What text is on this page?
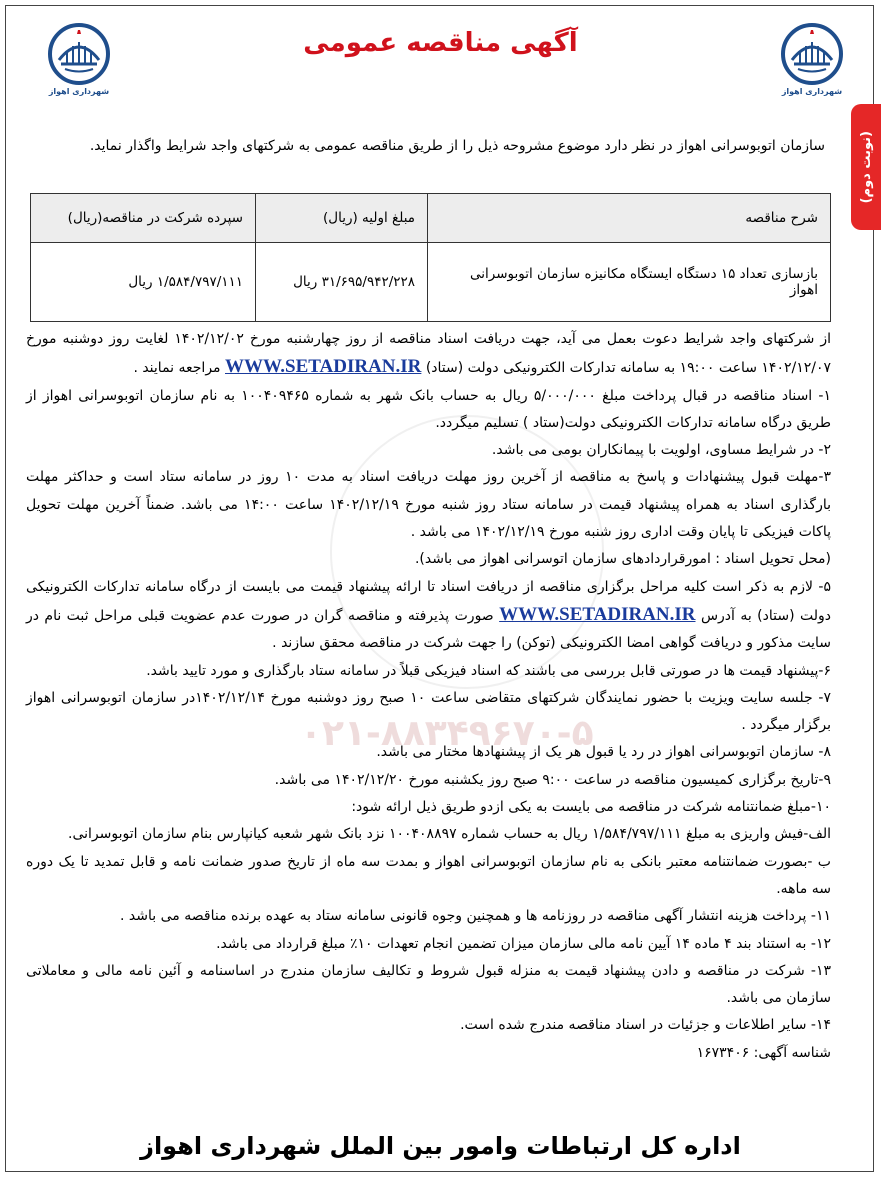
شهرداری اهواز
شهرداری اهواز
آگهی مناقصه عمومی
(نوبت دوم)
سازمان اتوبوسرانی اهواز در نظر دارد موضوع مشروحه ذیل را از طریق مناقصه عمومی به شرکتهای واجد شرایط واگذار نماید.
شرح مناقصه	مبلغ اولیه (ریال)	سپرده شرکت در مناقصه(ریال)
بازسازی تعداد ۱۵ دستگاه ایستگاه مکانیزه سازمان اتوبوسرانی اهواز	۳۱/۶۹۵/۹۴۲/۲۲۸ ریال	۱/۵۸۴/۷۹۷/۱۱۱ ریال
۰۲۱-۸۸۳۴۹۶۷۰-۵

از شرکتهای واجد شرایط دعوت بعمل می آید، جهت دریافت اسناد مناقصه از روز چهارشنبه مورخ ۱۴۰۲/۱۲/۰۲ لغایت روز دوشنبه مورخ ۱۴۰۲/۱۲/۰۷ ساعت ۱۹:۰۰ به سامانه تدارکات الکترونیکی دولت (ستاد) WWW.SETADIRAN.IR مراجعه نمایند .

۱- اسناد مناقصه در قبال پرداخت مبلغ ۵/۰۰۰/۰۰۰ ریال به حساب بانک شهر به شماره ۱۰۰۴۰۹۴۶۵ به نام سازمان اتوبوسرانی اهواز از طریق درگاه سامانه تدارکات الکترونیکی دولت(ستاد ) تسلیم میگردد.

۲- در شرایط مساوی، اولویت با پیمانکاران بومی می باشد.

۳-مهلت قبول پیشنهادات و پاسخ به مناقصه از آخرین روز مهلت دریافت اسناد به مدت ۱۰ روز در سامانه ستاد است و حداکثر مهلت بارگذاری اسناد به همراه پیشنهاد قیمت در سامانه ستاد روز شنبه مورخ ۱۴۰۲/۱۲/۱۹ ساعت ۱۴:۰۰ می باشد. ضمناً آخرین مهلت تحویل پاکات فیزیکی تا پایان وقت اداری روز شنبه مورخ ۱۴۰۲/۱۲/۱۹ می باشد .

(محل تحویل اسناد : امورقراردادهای سازمان اتوسرانی اهواز می باشد).

۵- لازم به ذکر است کلیه مراحل برگزاری مناقصه از دریافت اسناد تا ارائه پیشنهاد قیمت می بایست از درگاه سامانه تدارکات الکترونیکی دولت (ستاد) به آدرس WWW.SETADIRAN.IR صورت پذیرفته و مناقصه گران در صورت عدم عضویت قبلی مراحل ثبت نام در سایت مذکور و دریافت گواهی امضا الکترونیکی (توکن) را جهت شرکت در مناقصه محقق سازند .

۶-پیشنهاد قیمت ها در صورتی قابل بررسی می باشند که اسناد فیزیکی قبلاً در سامانه ستاد بارگذاری و مورد تایید باشد.

۷- جلسه سایت ویزیت با حضور نمایندگان شرکتهای متقاضی ساعت ۱۰ صبح روز دوشنبه مورخ ۱۴۰۲/۱۲/۱۴در سازمان اتوبوسرانی اهواز برگزار میگردد .

۸- سازمان اتوبوسرانی اهواز در رد یا قبول هر یک از پیشنهادها مختار می باشد.

۹-تاریخ برگزاری کمیسیون مناقصه در ساعت ۹:۰۰ صبح روز یکشنبه مورخ ۱۴۰۲/۱۲/۲۰ می باشد.

۱۰-مبلغ ضمانتنامه شرکت در مناقصه می بایست به یکی ازدو طریق ذیل ارائه شود:

الف-فیش واریزی به مبلغ ۱/۵۸۴/۷۹۷/۱۱۱ ریال به حساب شماره ۱۰۰۴۰۸۸۹۷ نزد بانک شهر شعبه کیانپارس بنام سازمان اتوبوسرانی.

ب -بصورت ضمانتنامه معتبر بانکی به نام سازمان اتوبوسرانی اهواز و بمدت سه ماه از تاریخ صدور ضمانت نامه و قابل تمدید تا یک دوره سه ماهه.

۱۱- پرداخت هزینه انتشار آگهی مناقصه در روزنامه ها و همچنین وجوه قانونی سامانه ستاد به عهده برنده مناقصه می باشد .

۱۲- به استناد بند ۴ ماده ۱۴ آیین نامه مالی سازمان میزان تضمین انجام تعهدات ۱۰٪ مبلغ قرارداد می باشد.

۱۳- شرکت در مناقصه و دادن پیشنهاد قیمت به منزله قبول شروط و تکالیف سازمان مندرج در اساسنامه و آئین نامه مالی و معاملاتی سازمان می باشد.

۱۴- سایر اطلاعات و جزئیات در اسناد مناقصه مندرج شده است.

شناسه آگهی: ۱۶۷۳۴۰۶

اداره کل ارتباطات وامور بین الملل شهرداری اهواز
